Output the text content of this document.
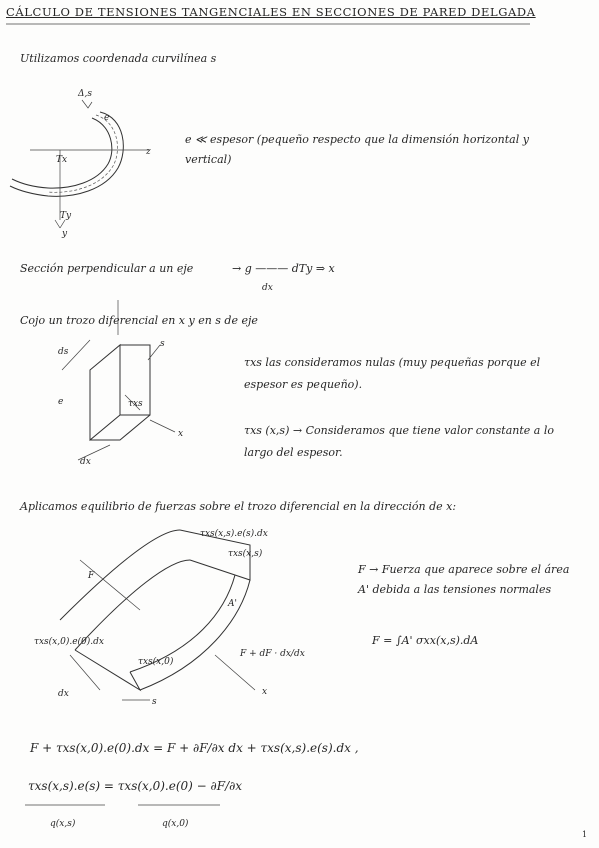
CÁLCULO DE TENSIONES TANGENCIALES EN SECCIONES DE PARED DELGADA
Utilizamos coordenada curvilínea s
Δ,s
e
Tx
z
Ty
y
e ≪ espesor (pequeño respecto que la dimensión horizontal y vertical)
Sección perpendicular a un eje	→ g ——— dTy ⇒ x
dx
Cojo un trozo diferencial en x y en s de eje
ds
s
e
dx
τxs
x
τxs las consideramos nulas (muy pequeñas porque el espesor es pequeño).
τxs (x,s) → Consideramos que tiene valor constante a lo largo del espesor.
Aplicamos equilibrio de fuerzas sobre el trozo diferencial en la dirección de x:
τxs(x,s).e(s).dx
τxs(x,s)
τxs(x,0).e(0).dx
τxs(x,0)
F
A'
F + dF · dx/dx
x
dx
s
F → Fuerza que aparece sobre el área A' debida a las tensiones normales
F = ∫A' σxx(x,s).dA
F + τxs(x,0).e(0).dx = F + ∂F/∂x dx + τxs(x,s).e(s).dx ,
τxs(x,s).e(s) = τxs(x,0).e(0) − ∂F/∂x
q(x,s)	q(x,0)
1
